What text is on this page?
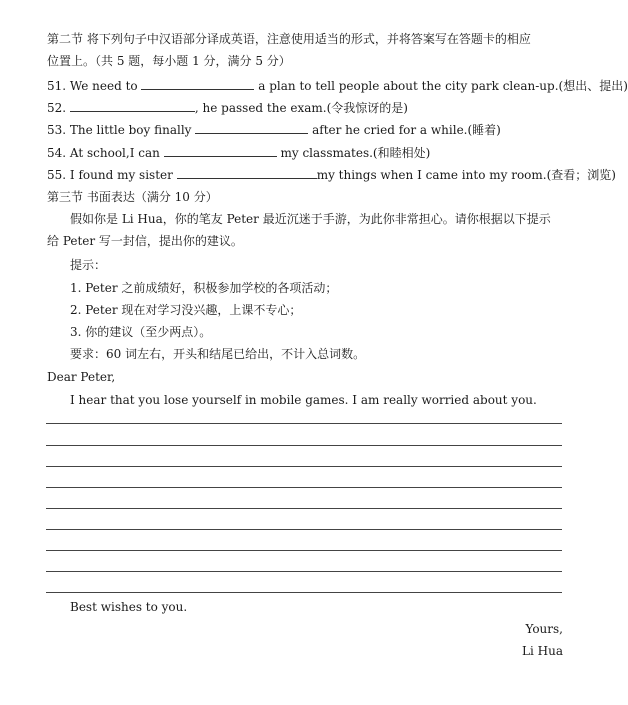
第二节 将下列句子中汉语部分译成英语，注意使用适当的形式，并将答案写在答题卡的相应
位置上。（共 5 题，每小题 1 分，满分 5 分）
51. We need to	a plan to tell people about the city park clean-up.(想出、提出)
52.	, he passed the exam.(令我惊讶的是)
53. The little boy finally	after he cried for a while.(睡着)
54. At school,I can	my classmates.(和睦相处)
55. I found my sister	my things when I came into my room.(查看；浏览)
第三节 书面表达（满分 10 分）
假如你是 Li Hua，你的笔友 Peter 最近沉迷于手游，为此你非常担心。请你根据以下提示
给 Peter 写一封信，提出你的建议。
提示：
1. Peter 之前成绩好，积极参加学校的各项活动；
2. Peter 现在对学习没兴趣，上课不专心；
3. 你的建议（至少两点）。
要求：60 词左右，开头和结尾已给出，不计入总词数。
Dear Peter,
I hear that you lose yourself in mobile games. I am really worried about you.
Best wishes to you.
Yours,
Li Hua
